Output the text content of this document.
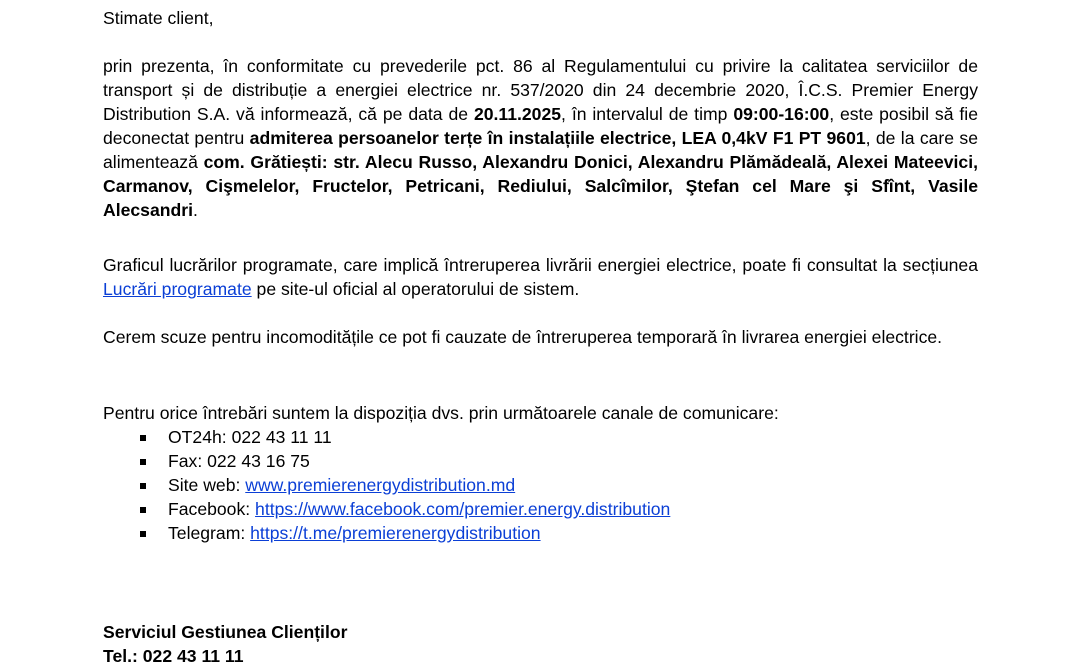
Stimate client,

prin prezenta, în conformitate cu prevederile pct. 86 al Regulamentului cu privire la calitatea serviciilor de transport și de distribuție a energiei electrice nr. 537/2020 din 24 decembrie 2020, Î.C.S. Premier Energy Distribution S.A. vă informează, că pe data de 20.11.2025, în intervalul de timp 09:00-16:00, este posibil să fie deconectat pentru admiterea persoanelor terțe în instalațiile electrice, LEA 0,4kV F1 PT 9601, de la care se alimentează com. Grătiești: str. Alecu Russo, Alexandru Donici, Alexandru Plămădeală, Alexei Mateevici, Carmanov, Cişmelelor, Fructelor, Petricani, Rediului, Salcîmilor, Ştefan cel Mare şi Sfînt, Vasile Alecsandri.

Graficul lucrărilor programate, care implică întreruperea livrării energiei electrice, poate fi consultat la secțiunea Lucrări programate pe site-ul oficial al operatorului de sistem.

Cerem scuze pentru incomoditățile ce pot fi cauzate de întreruperea temporară în livrarea energiei electrice.

Pentru orice întrebări suntem la dispoziția dvs. prin următoarele canale de comunicare:

OT24h: 022 43 11 11
Fax: 022 43 16 75
Site web: www.premierenergydistribution.md
Facebook: https://www.facebook.com/premier.energy.distribution
Telegram: https://t.me/premierenergydistribution
Serviciul Gestiunea Clienților
Tel.: 022 43 11 11
